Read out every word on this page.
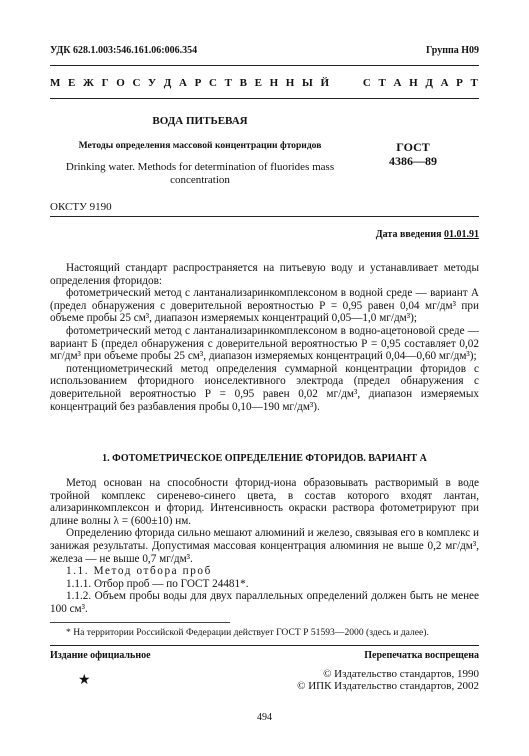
УДК 628.1.003:546.161.06:006.354	Группа Н09
М Е Ж Г О С У Д А Р С Т В Е Н Н Ы Й     С Т А Н Д А Р Т
ВОДА ПИТЬЕВАЯ
Методы определения массовой концентрации фторидов
Drinking water. Methods for determination of fluorides mass concentration
ГОСТ
4386—89
ОКСТУ 9190
Дата введения 01.01.91

Настоящий стандарт распространяется на питьевую воду и устанавливает методы определения фторидов:

фотометрический метод с лантанализаринкомплексоном в водной среде — вариант А (предел обнаружения с доверительной вероятностью Р = 0,95 равен 0,04 мг/дм³ при объеме пробы 25 см³, диапазон измеряемых концентраций 0,05—1,0 мг/дм³);

фотометрический метод с лантанализаринкомплексоном в водно-ацетоновой среде — вариант Б (предел обнаружения с доверительной вероятностью Р = 0,95 составляет 0,02 мг/дм³ при объеме пробы 25 см³, диапазон измеряемых концентраций 0,04—0,60 мг/дм³);

потенциометрический метод определения суммарной концентрации фторидов с использованием фторидного ионселективного электрода (предел обнаружения с доверительной вероятностью Р = 0,95 равен 0,02 мг/дм³, диапазон измеряемых концентраций без разбавления пробы 0,10—190 мг/дм³).

1. ФОТОМЕТРИЧЕСКОЕ ОПРЕДЕЛЕНИЕ ФТОРИДОВ. ВАРИАНТ А

Метод основан на способности фторид-иона образовывать растворимый в воде тройной комплекс сиренево-синего цвета, в состав которого входят лантан, ализаринкомплексон и фторид. Интенсивность окраски раствора фотометрируют при длине волны λ = (600±10) нм.

Определению фторида сильно мешают алюминий и железо, связывая его в комплекс и занижая результаты. Допустимая массовая концентрация алюминия не выше 0,2 мг/дм³, железа — не выше 0,7 мг/дм³.

1.1. Метод отбора проб

1.1.1. Отбор проб — по ГОСТ 24481*.

1.1.2. Объем пробы воды для двух параллельных определений должен быть не менее 100 см³.

* На территории Российской Федерации действует ГОСТ Р 51593—2000 (здесь и далее).
Издание официальное	Перепечатка воспрещена
★	© Издательство стандартов, 1990
© ИПК Издательство стандартов, 2002
494
